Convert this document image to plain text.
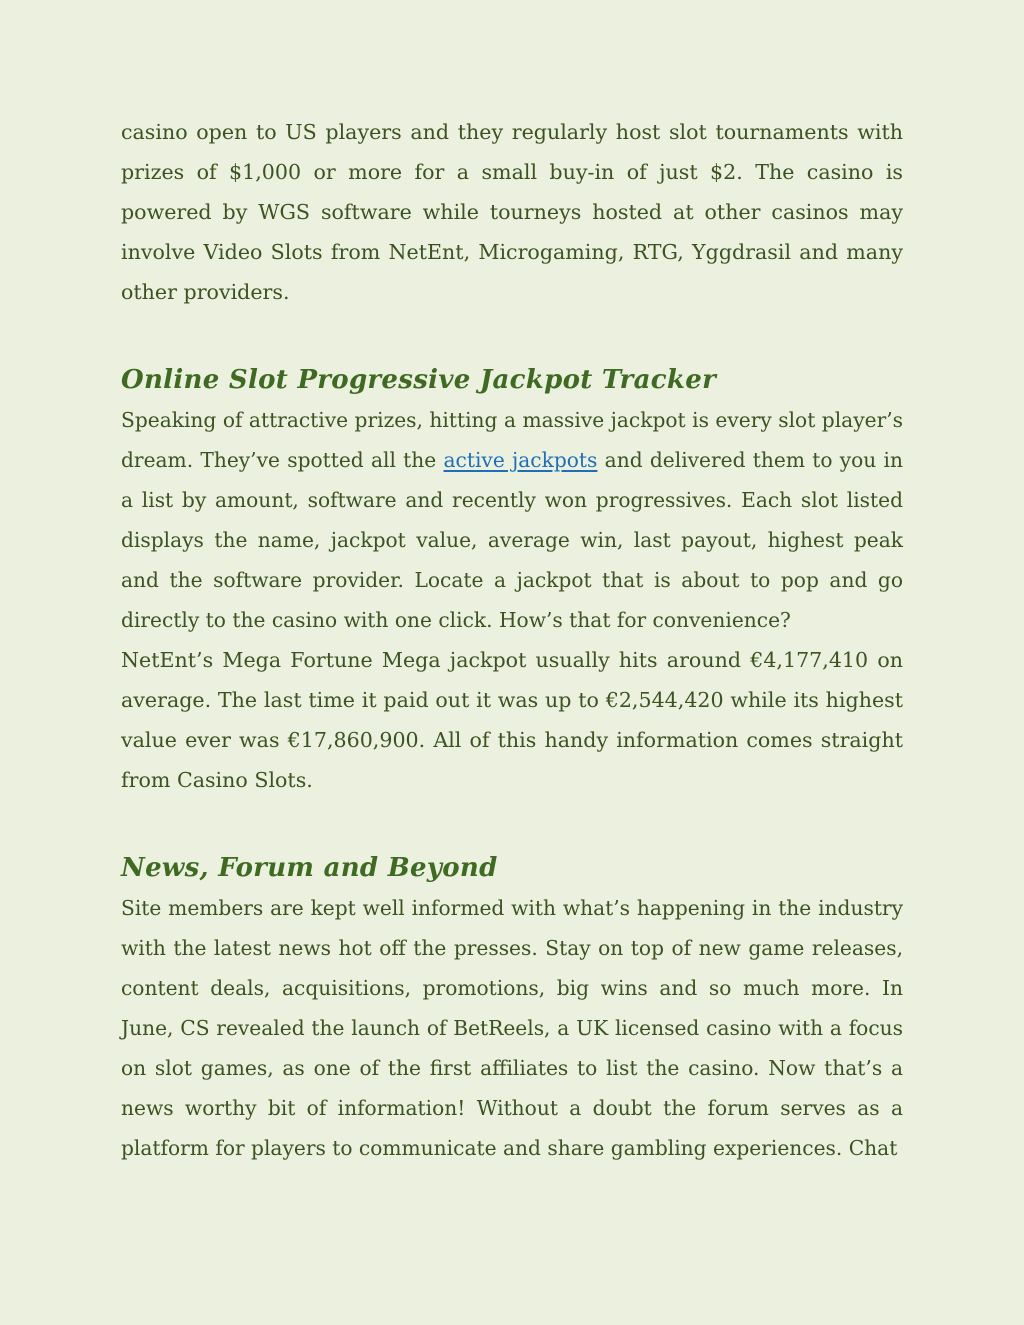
casino open to US players and they regularly host slot tournaments with prizes of $1,000 or more for a small buy-in of just $2. The casino is powered by WGS software while tourneys hosted at other casinos may involve Video Slots from NetEnt, Microgaming, RTG, Yggdrasil and many other providers.

Online Slot Progressive Jackpot Tracker

Speaking of attractive prizes, hitting a massive jackpot is every slot player’s dream. They’ve spotted all the active jackpots and delivered them to you in a list by amount, software and recently won progressives. Each slot listed displays the name, jackpot value, average win, last payout, highest peak and the software provider. Locate a jackpot that is about to pop and go directly to the casino with one click. How’s that for convenience?

NetEnt’s Mega Fortune Mega jackpot usually hits around €4,177,410 on average. The last time it paid out it was up to €2,544,420 while its highest value ever was €17,860,900. All of this handy information comes straight from Casino Slots.

News, Forum and Beyond

Site members are kept well informed with what’s happening in the industry with the latest news hot off the presses. Stay on top of new game releases, content deals, acquisitions, promotions, big wins and so much more. In June, CS revealed the launch of BetReels, a UK licensed casino with a focus on slot games, as one of the first affiliates to list the casino. Now that’s a news worthy bit of information! Without a doubt the forum serves as a platform for players to communicate and share gambling experiences. Chat
